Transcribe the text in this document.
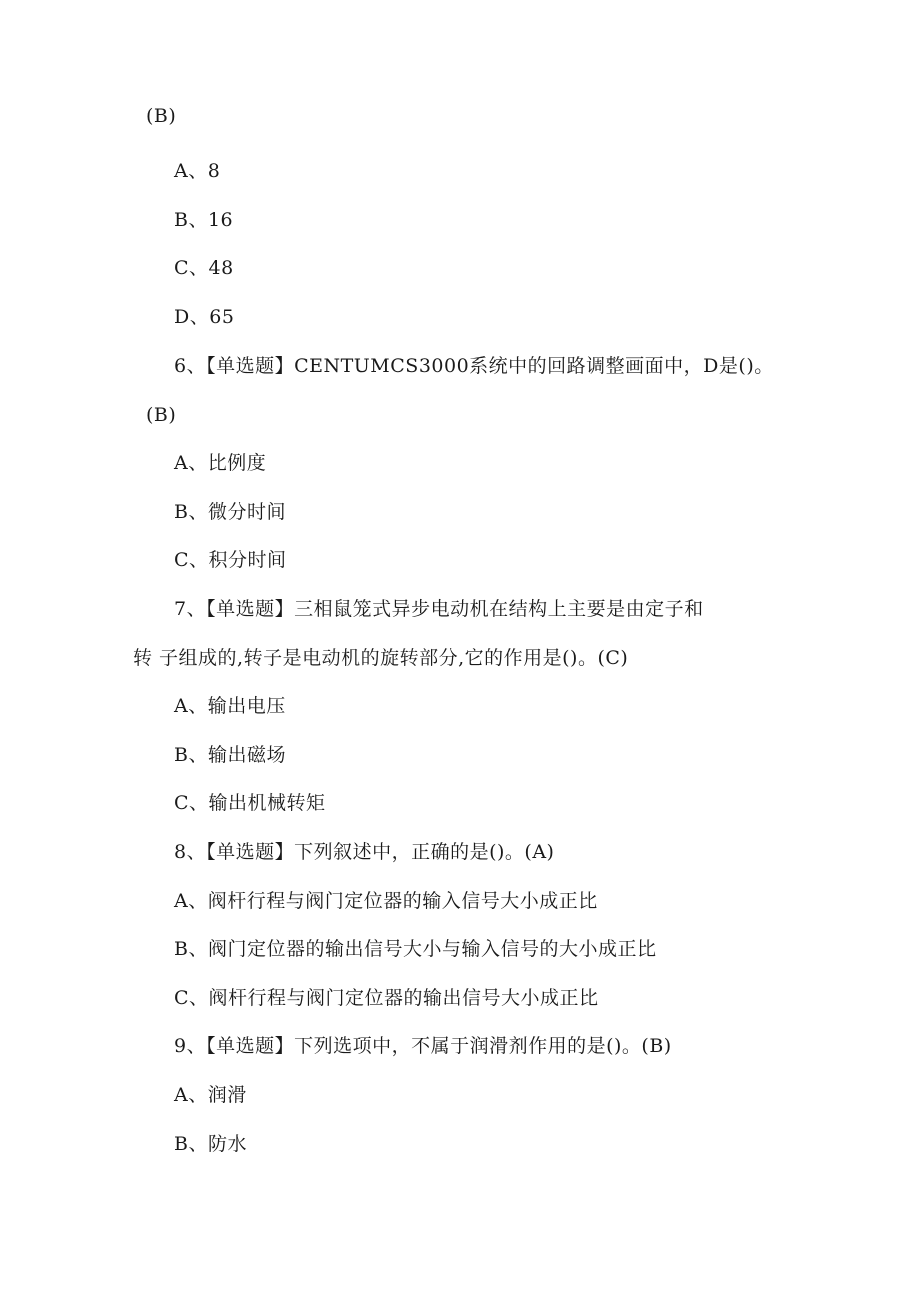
(B)
A、8
B、16
C、48
D、65
6、【单选题】CENTUMCS3000系统中的回路调整画面中，D是()。
(B)
A、比例度
B、微分时间
C、积分时间
7、【单选题】三相鼠笼式异步电动机在结构上主要是由定子和
转 子组成的,转子是电动机的旋转部分,它的作用是()。(C)
A、输出电压
B、输出磁场
C、输出机械转矩
8、【单选题】下列叙述中，正确的是()。(A)
A、阀杆行程与阀门定位器的输入信号大小成正比
B、阀门定位器的输出信号大小与输入信号的大小成正比
C、阀杆行程与阀门定位器的输出信号大小成正比
9、【单选题】下列选项中，不属于润滑剂作用的是()。(B)
A、润滑
B、防水
